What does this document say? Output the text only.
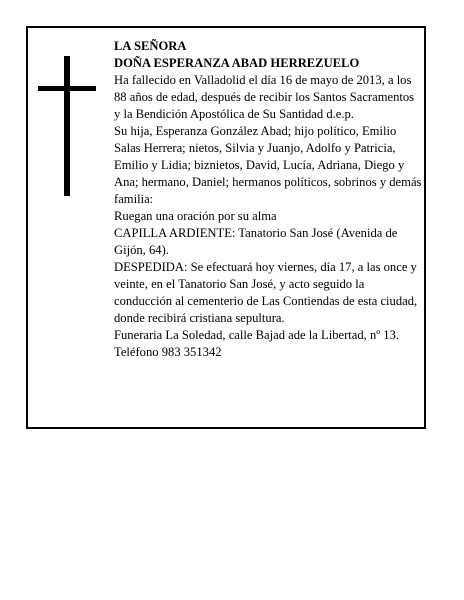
LA SEÑORA

DOÑA ESPERANZA ABAD HERREZUELO

Ha fallecido en Valladolid el día 16 de mayo de 2013, a los 88 años de edad, después de recibir los Santos Sacramentos y la Bendición Apostólica de Su Santidad d.e.p.

Su hija, Esperanza González Abad; hijo político, Emilio Salas Herrera; nietos, Silvia y Juanjo, Adolfo y Patricia, Emilio y Lidia; biznietos, David, Lucía, Adriana, Diego y Ana; hermano, Daniel; hermanos políticos, sobrinos y demás familia:

Ruegan una oración por su alma

CAPILLA ARDIENTE: Tanatorio San José (Avenida de Gijón, 64).

DESPEDIDA: Se efectuará hoy viernes, día 17, a las once y veinte, en el Tanatorio San José, y acto seguido la conducción al cementerio de Las Contiendas de esta ciudad, donde recibirá cristiana sepultura.

Funeraria La Soledad, calle Bajad ade la Libertad, nº 13. Teléfono 983 351342
